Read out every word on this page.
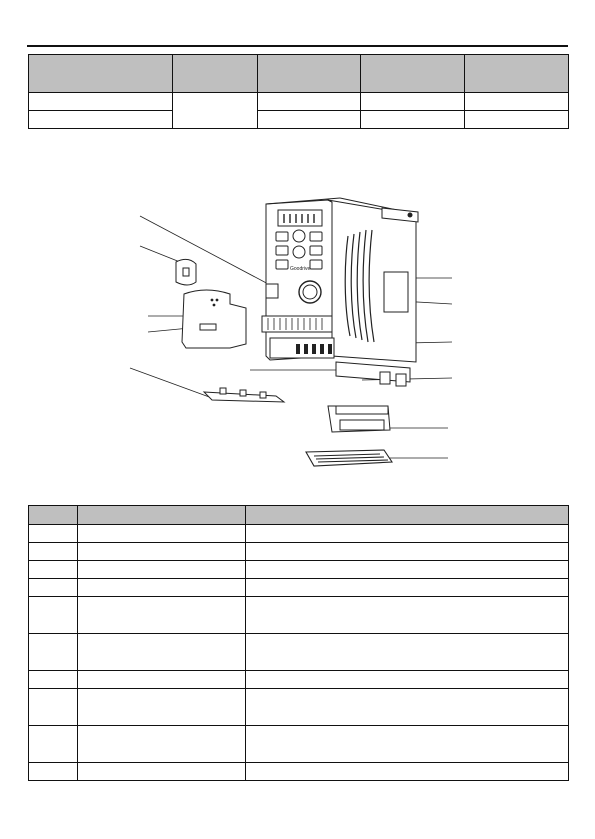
Goodrive
